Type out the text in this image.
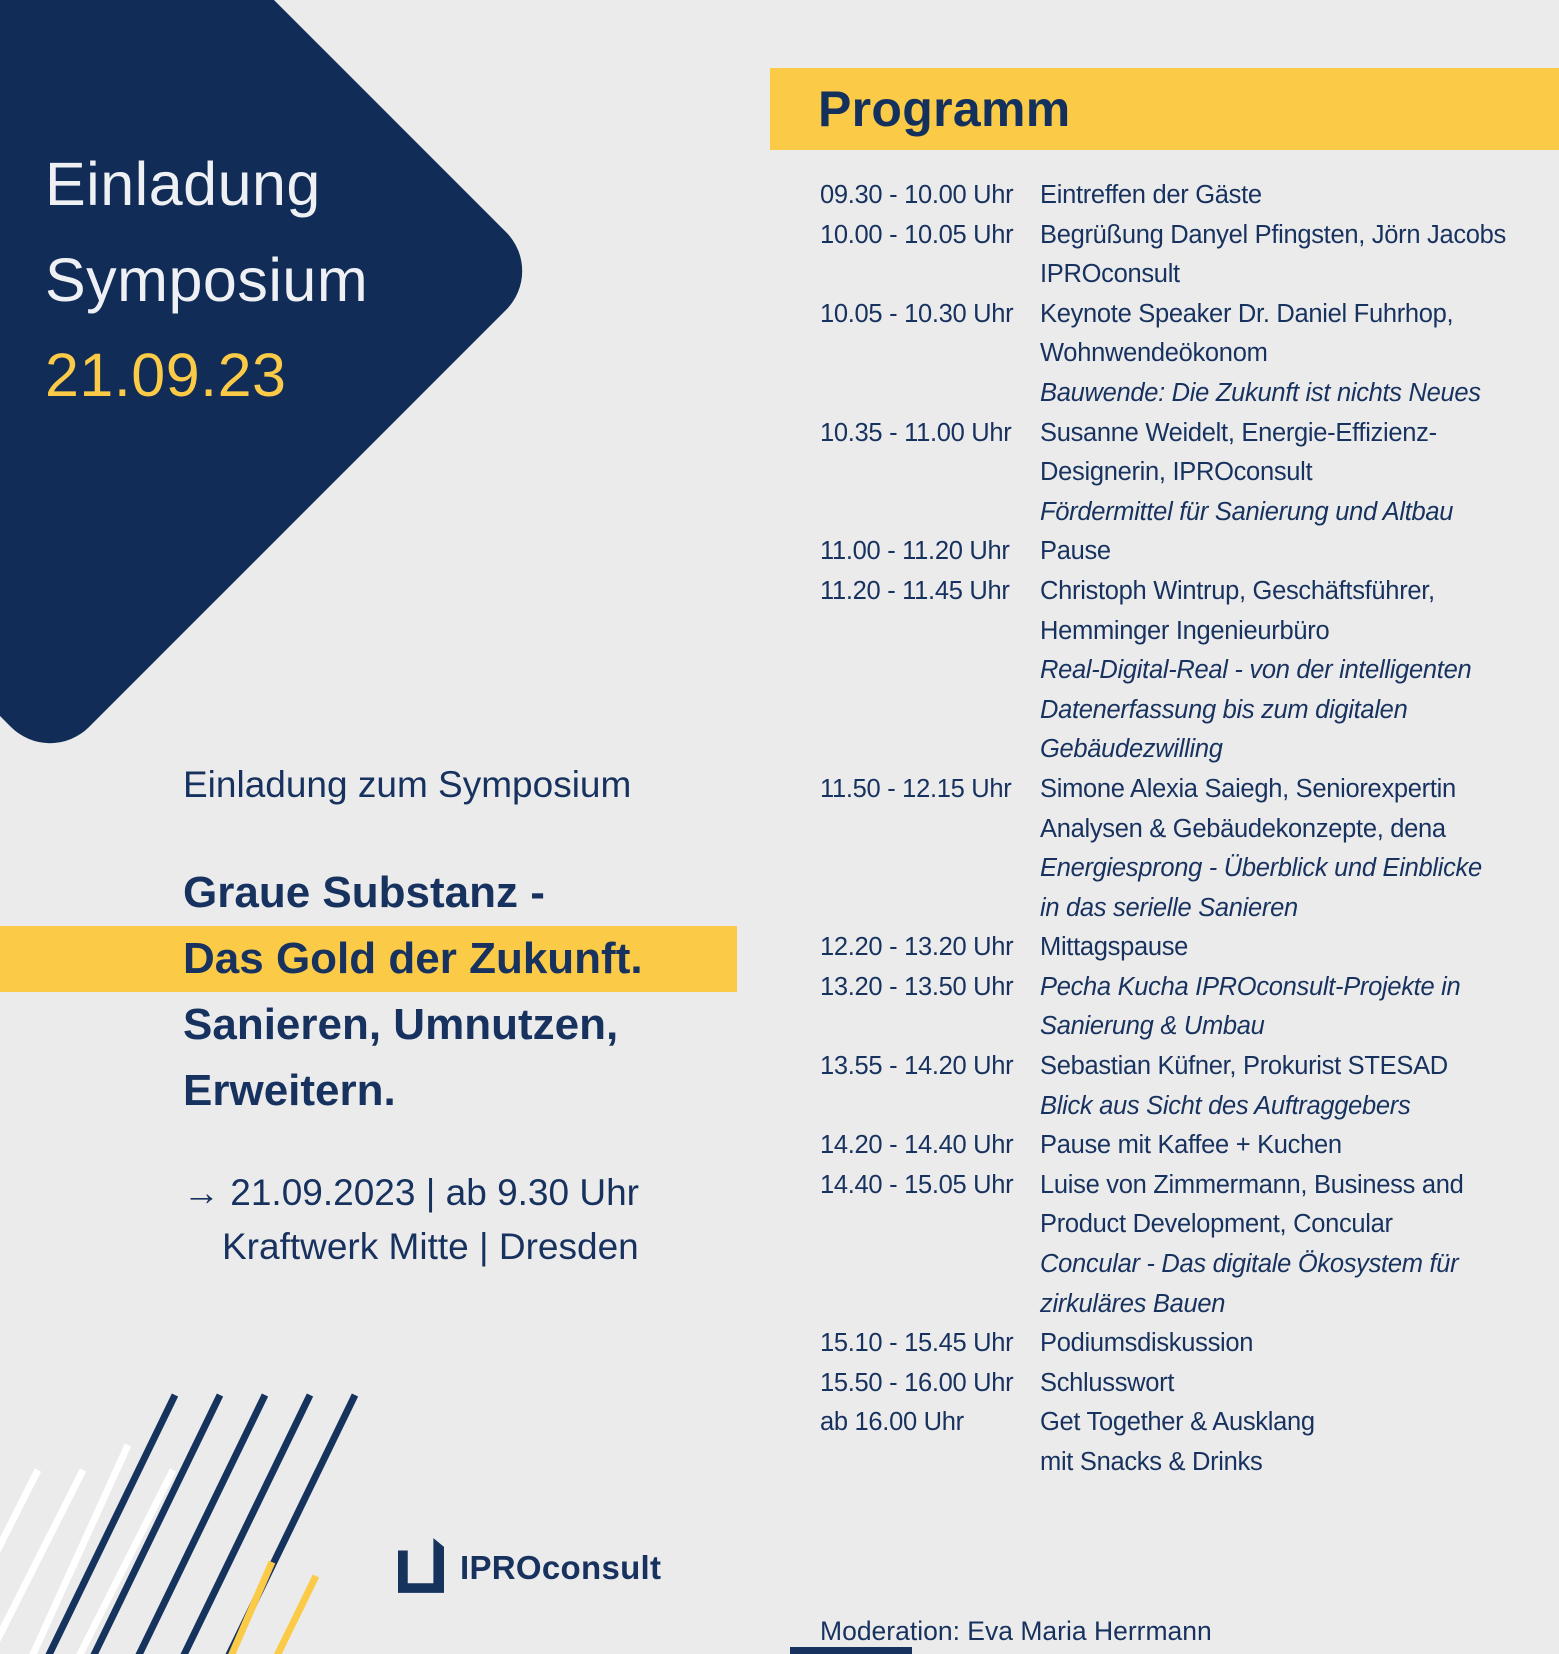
Einladung
Symposium
21.09.23
Einladung zum Symposium
Graue Substanz -
Das Gold der Zukunft.
Sanieren, Umnutzen,
Erweitern.
→ 21.09.2023 | ab 9.30 Uhr
Kraftwerk Mitte | Dresden
IPROconsult
Programm
09.30 - 10.00 Uhr	Eintreffen der Gäste
10.00 - 10.05 Uhr	Begrüßung Danyel Pfingsten, Jörn Jacobs
IPROconsult
10.05 - 10.30 Uhr	Keynote Speaker Dr. Daniel Fuhrhop,
Wohnwendeökonom
Bauwende: Die Zukunft ist nichts Neues
10.35 - 11.00 Uhr	Susanne Weidelt, Energie-Effizienz-
Designerin, IPROconsult
Fördermittel für Sanierung und Altbau
11.00 - 11.20 Uhr	Pause
11.20 - 11.45 Uhr	Christoph Wintrup, Geschäftsführer,
Hemminger Ingenieurbüro
Real-Digital-Real - von der intelligenten
Datenerfassung bis zum digitalen
Gebäudezwilling
11.50 - 12.15 Uhr	Simone Alexia Saiegh, Seniorexpertin
Analysen & Gebäudekonzepte, dena
Energiesprong - Überblick und Einblicke
in das serielle Sanieren
12.20 - 13.20 Uhr	Mittagspause
13.20 - 13.50 Uhr	Pecha Kucha IPROconsult-Projekte in
Sanierung & Umbau
13.55 - 14.20 Uhr	Sebastian Küfner, Prokurist STESAD
Blick aus Sicht des Auftraggebers
14.20 - 14.40 Uhr	Pause mit Kaffee + Kuchen
14.40 - 15.05 Uhr	Luise von Zimmermann, Business and
Product Development, Concular
Concular - Das digitale Ökosystem für
zirkuläres Bauen
15.10 - 15.45 Uhr	Podiumsdiskussion
15.50 - 16.00 Uhr	Schlusswort
ab 16.00 Uhr	Get Together & Ausklang
mit Snacks & Drinks
Moderation: Eva Maria Herrmann
